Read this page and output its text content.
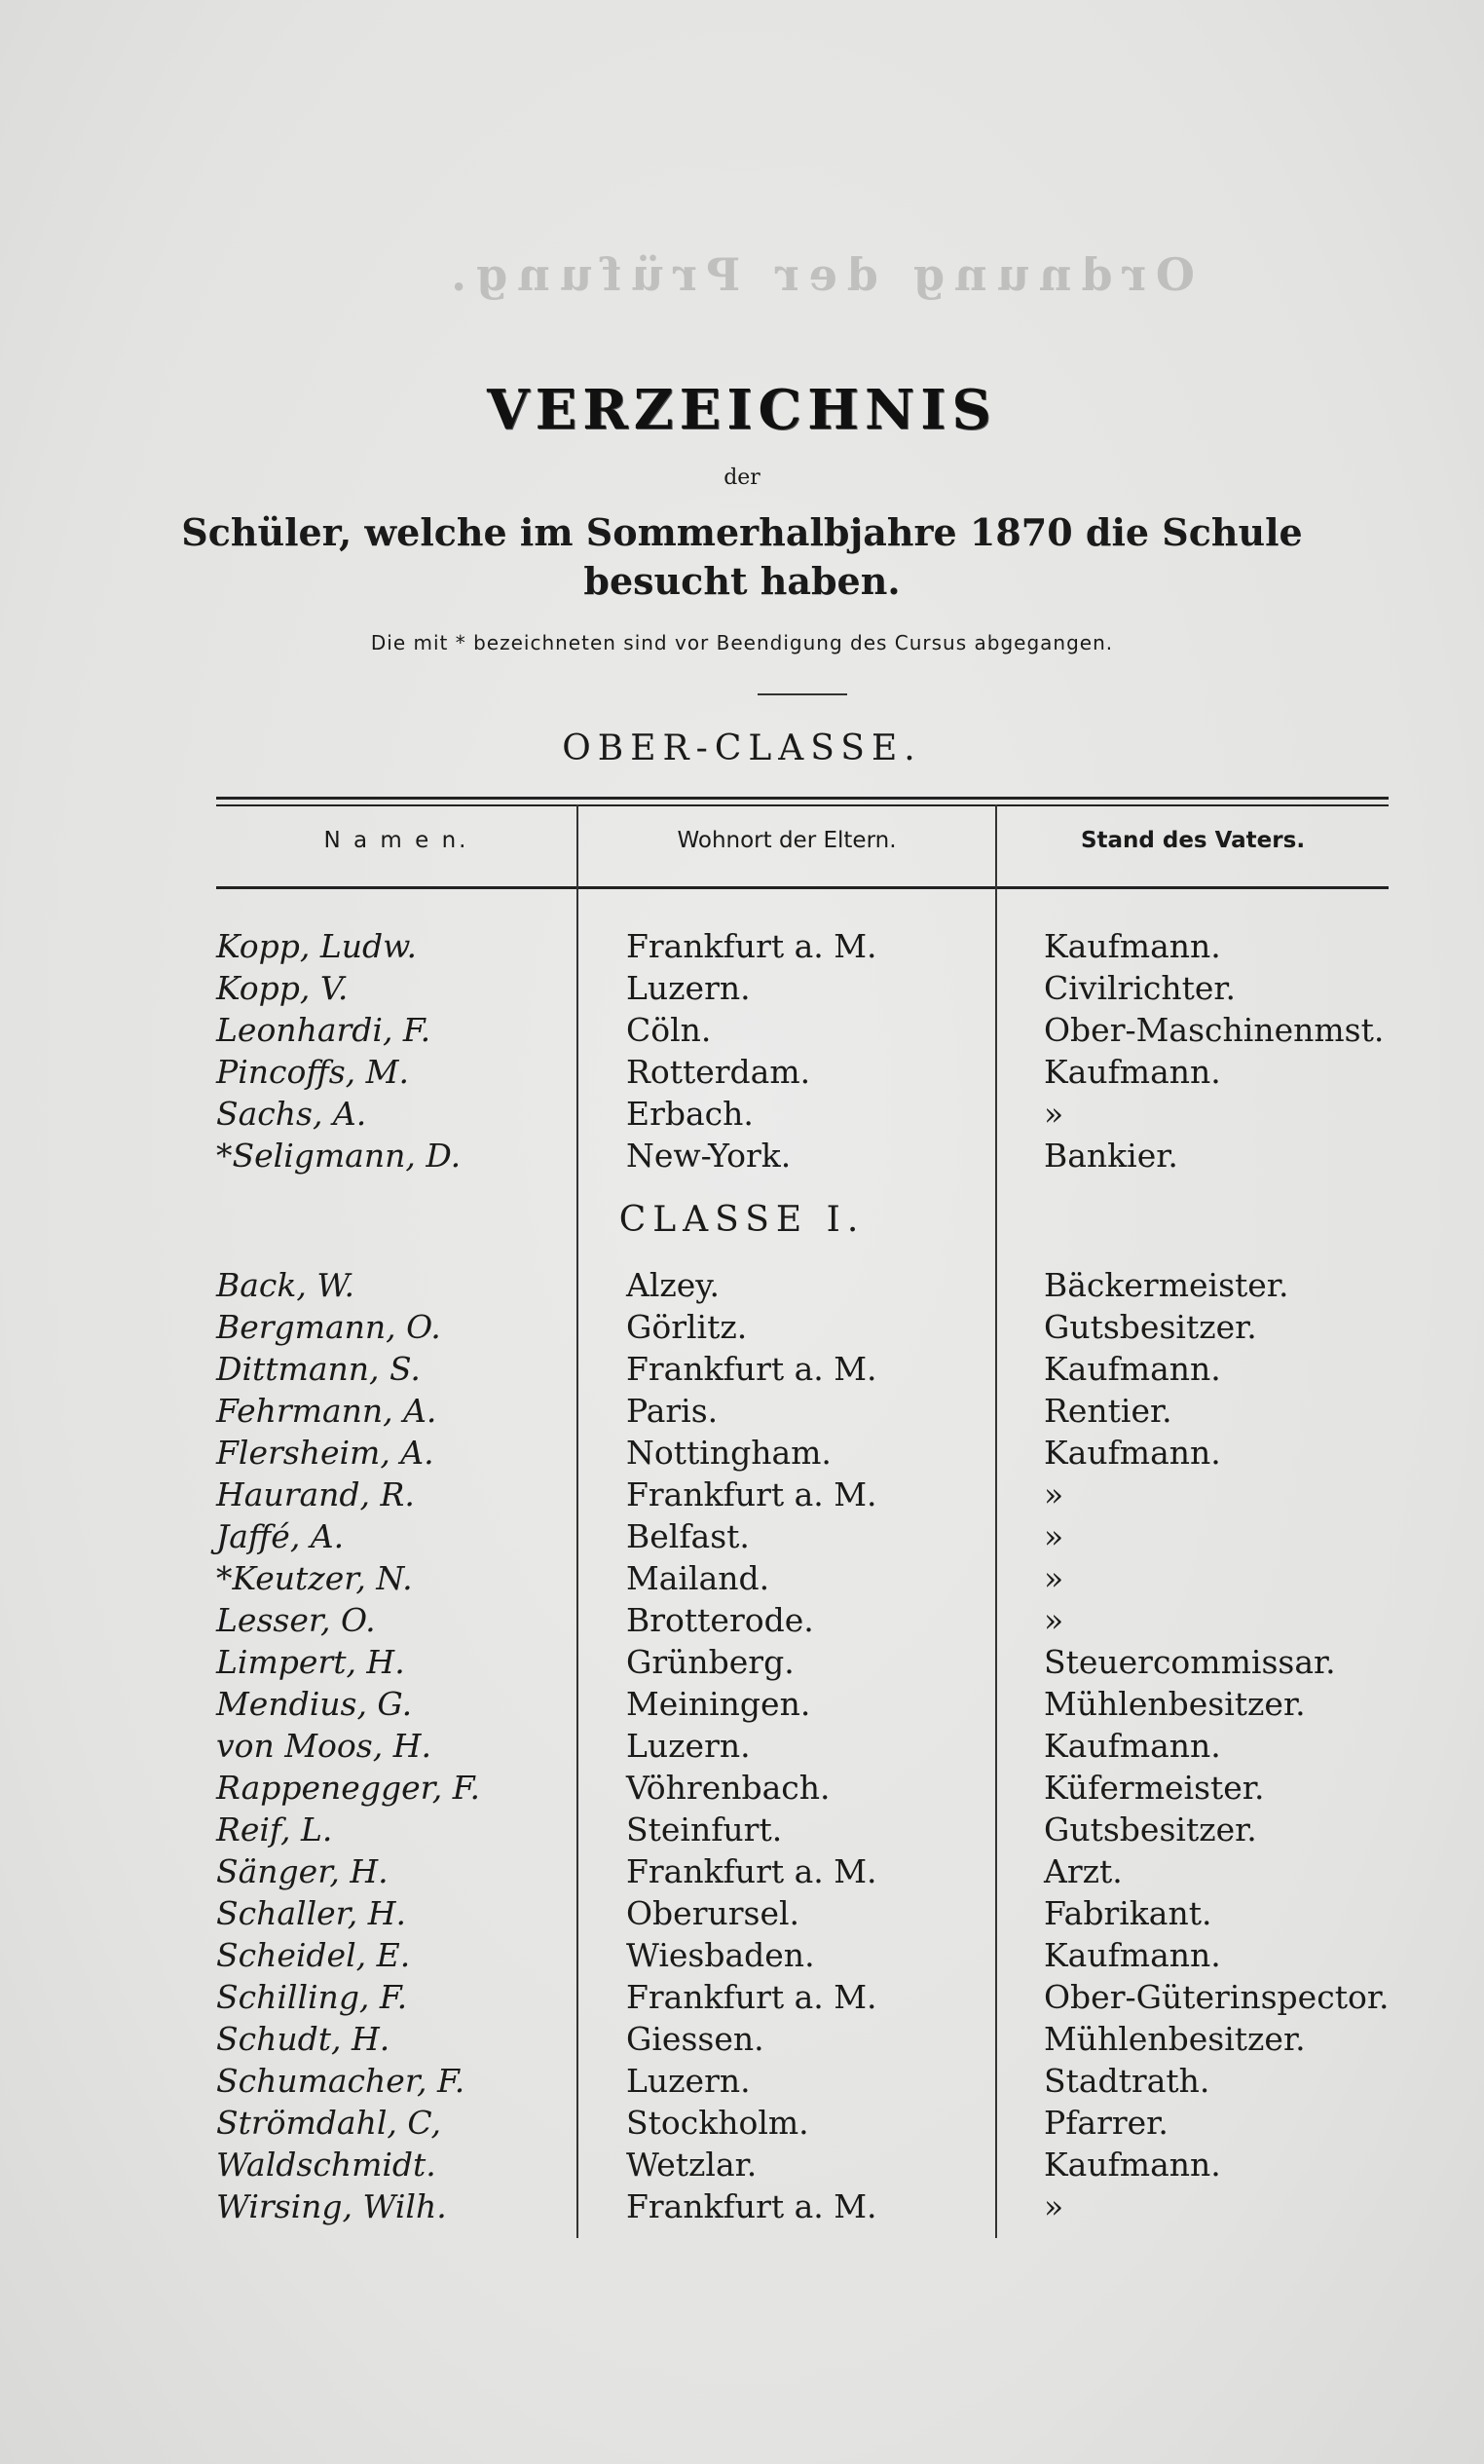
Ordnung der Prüfung.
VERZEICHNIS
der
Schüler, welche im Sommerhalbjahre 1870 die Schule
besucht haben.
Die mit * bezeichneten sind vor Beendigung des Cursus abgegangen.
OBER-CLASSE.
N a m e n.	Wohnort der Eltern.	Stand des Vaters.
Kopp, Ludw.	Frankfurt a. M.	Kaufmann.
Kopp, V.	Luzern.	Civilrichter.
Leonhardi, F.	Cöln.	Ober-Maschinenmst.
Pincoffs, M.	Rotterdam.	Kaufmann.
Sachs, A.	Erbach.	»
*Seligmann, D.	New-York.	Bankier.
CLASSE I.
Back, W.	Alzey.	Bäckermeister.
Bergmann, O.	Görlitz.	Gutsbesitzer.
Dittmann, S.	Frankfurt a. M.	Kaufmann.
Fehrmann, A.	Paris.	Rentier.
Flersheim, A.	Nottingham.	Kaufmann.
Haurand, R.	Frankfurt a. M.	»
Jaffé, A.	Belfast.	»
*Keutzer, N.	Mailand.	»
Lesser, O.	Brotterode.	»
Limpert, H.	Grünberg.	Steuercommissar.
Mendius, G.	Meiningen.	Mühlenbesitzer.
von Moos, H.	Luzern.	Kaufmann.
Rappenegger, F.	Vöhrenbach.	Küfermeister.
Reif, L.	Steinfurt.	Gutsbesitzer.
Sänger, H.	Frankfurt a. M.	Arzt.
Schaller, H.	Oberursel.	Fabrikant.
Scheidel, E.	Wiesbaden.	Kaufmann.
Schilling, F.	Frankfurt a. M.	Ober-Güterinspector.
Schudt, H.	Giessen.	Mühlenbesitzer.
Schumacher, F.	Luzern.	Stadtrath.
Strömdahl, C,	Stockholm.	Pfarrer.
Waldschmidt.	Wetzlar.	Kaufmann.
Wirsing, Wilh.	Frankfurt a. M.	»
